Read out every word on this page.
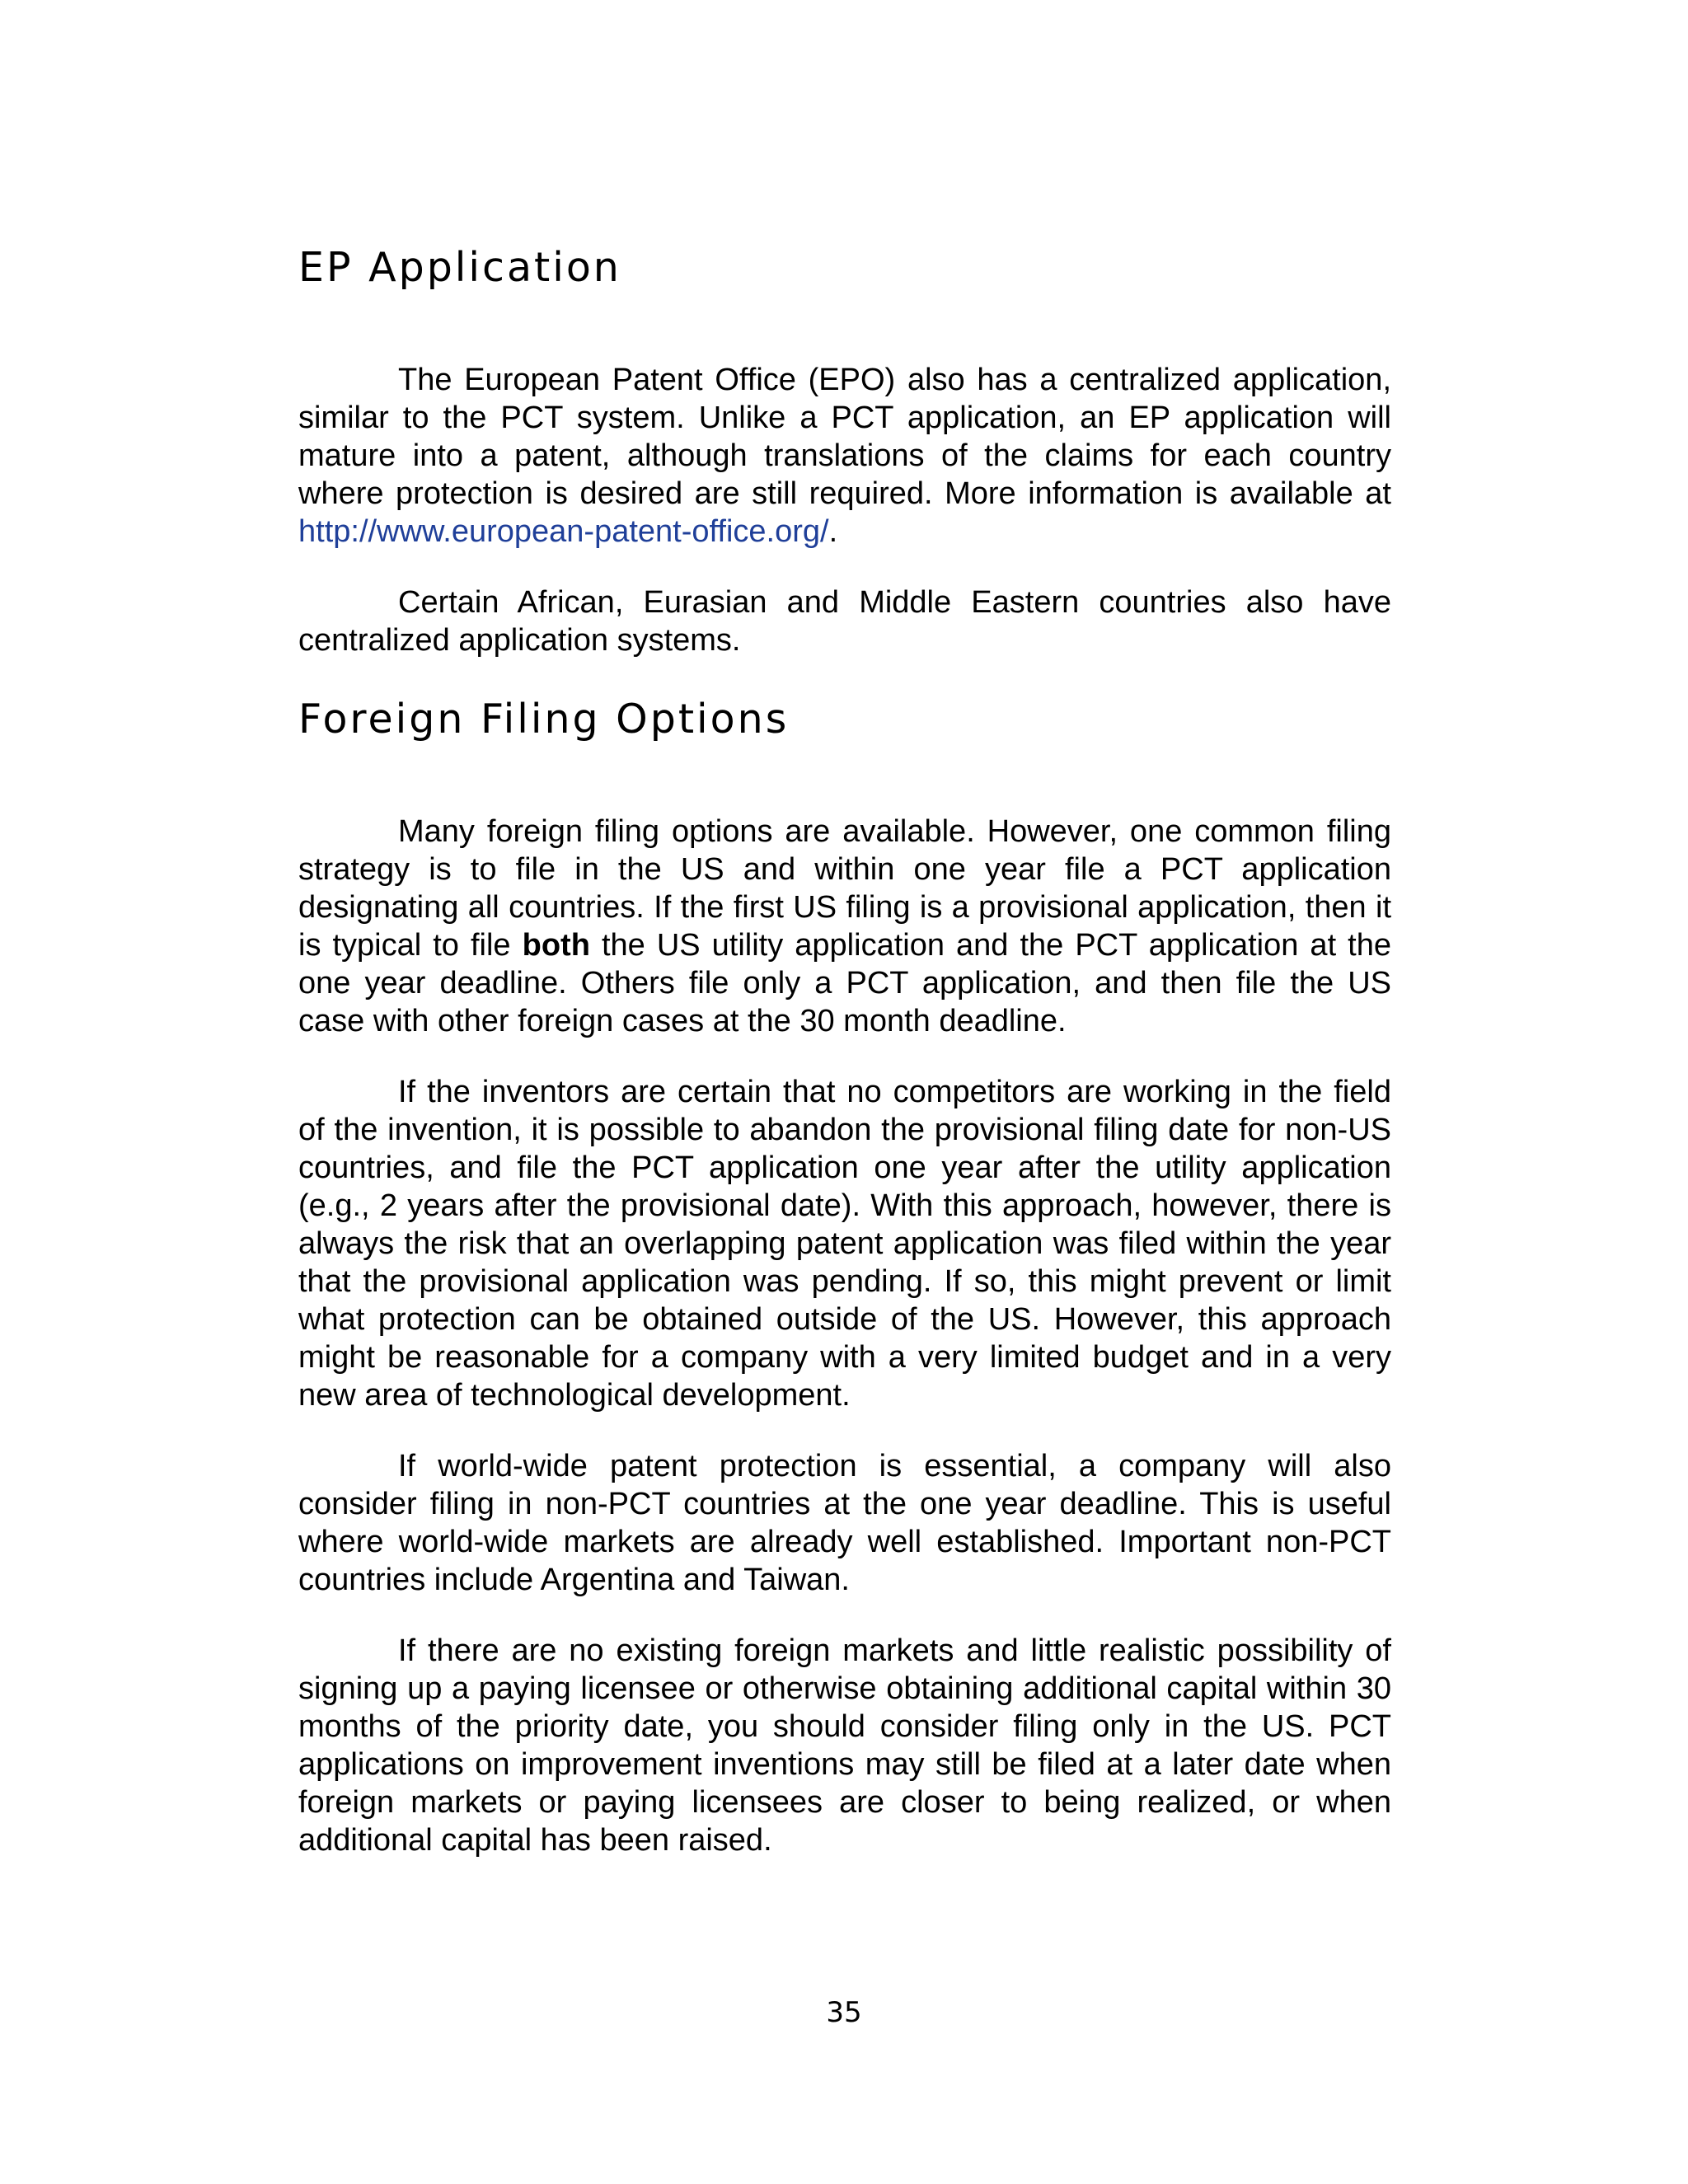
EP Application

The European Patent Office (EPO) also has a centralized application, similar to the PCT system. Unlike a PCT application, an EP application will mature into a patent, although translations of the claims for each country where protection is desired are still required. More information is available at http://www.european-patent-office.org/.

Certain African, Eurasian and Middle Eastern countries also have centralized application systems.

Foreign Filing Options

Many foreign filing options are available. However, one common filing strategy is to file in the US and within one year file a PCT application designating all countries. If the first US filing is a provisional application, then it is typical to file both the US utility application and the PCT application at the one year deadline. Others file only a PCT application, and then file the US case with other foreign cases at the 30 month deadline.

If the inventors are certain that no competitors are working in the field of the invention, it is possible to abandon the provisional filing date for non-US countries, and file the PCT application one year after the utility application (e.g., 2 years after the provisional date). With this approach, however, there is always the risk that an overlapping patent application was filed within the year that the provisional application was pending. If so, this might prevent or limit what protection can be obtained outside of the US. However, this approach might be reasonable for a company with a very limited budget and in a very new area of technological development.

If world-wide patent protection is essential, a company will also consider filing in non-PCT countries at the one year deadline. This is useful where world-wide markets are already well established. Important non-PCT countries include Argentina and Taiwan.

If there are no existing foreign markets and little realistic possibility of signing up a paying licensee or otherwise obtaining additional capital within 30 months of the priority date, you should consider filing only in the US. PCT applications on improvement inventions may still be filed at a later date when foreign markets or paying licensees are closer to being realized, or when additional capital has been raised.

35
